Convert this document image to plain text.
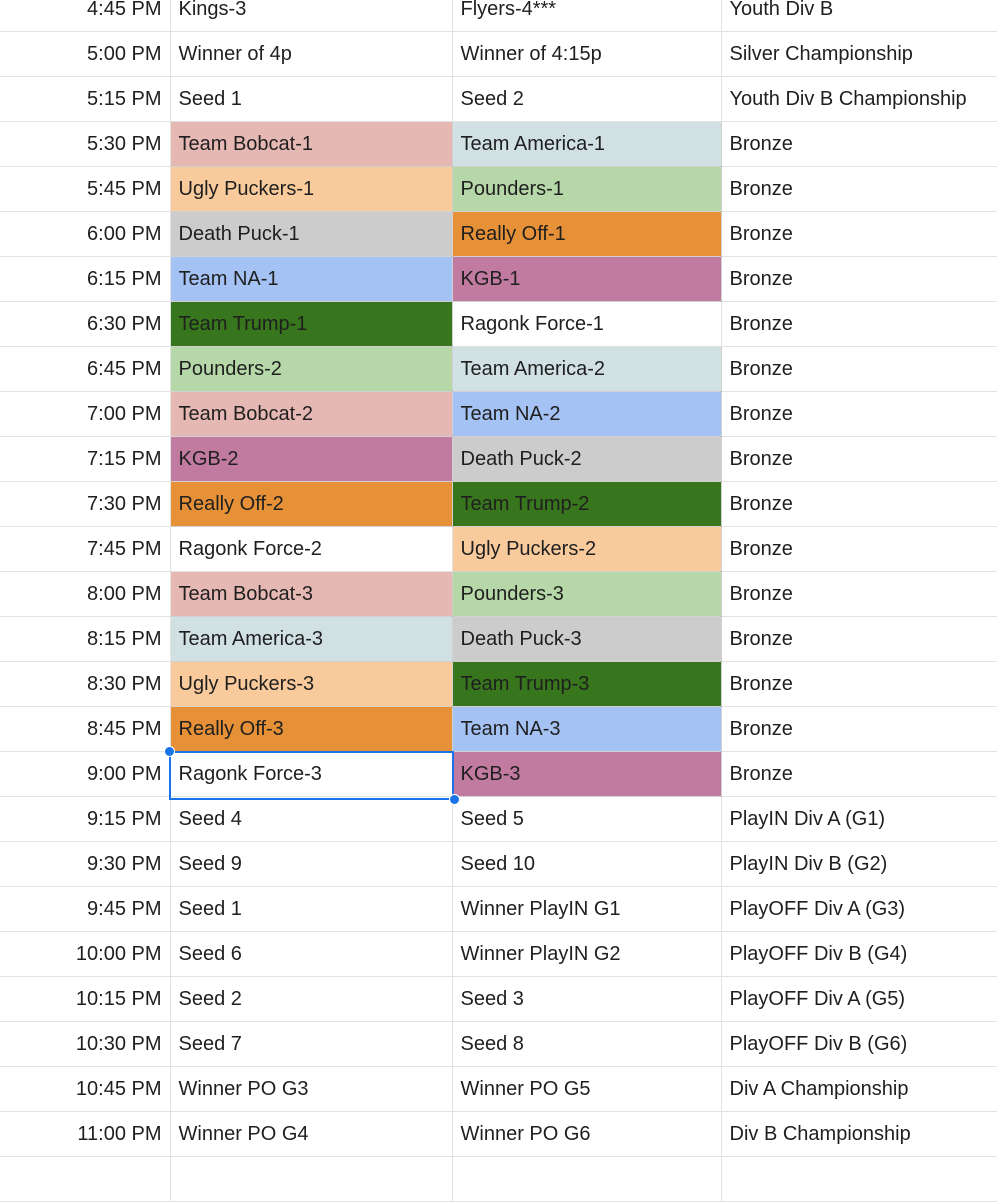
4:45 PM	Kings-3	Flyers-4***	Youth Div B
5:00 PM	Winner of 4p	Winner of 4:15p	Silver Championship
5:15 PM	Seed 1	Seed 2	Youth Div B Championship
5:30 PM	Team Bobcat-1	Team America-1	Bronze
5:45 PM	Ugly Puckers-1	Pounders-1	Bronze
6:00 PM	Death Puck-1	Really Off-1	Bronze
6:15 PM	Team NA-1	KGB-1	Bronze
6:30 PM	Team Trump-1	Ragonk Force-1	Bronze
6:45 PM	Pounders-2	Team America-2	Bronze
7:00 PM	Team Bobcat-2	Team NA-2	Bronze
7:15 PM	KGB-2	Death Puck-2	Bronze
7:30 PM	Really Off-2	Team Trump-2	Bronze
7:45 PM	Ragonk Force-2	Ugly Puckers-2	Bronze
8:00 PM	Team Bobcat-3	Pounders-3	Bronze
8:15 PM	Team America-3	Death Puck-3	Bronze
8:30 PM	Ugly Puckers-3	Team Trump-3	Bronze
8:45 PM	Really Off-3	Team NA-3	Bronze
9:00 PM	Ragonk Force-3	KGB-3	Bronze
9:15 PM	Seed 4	Seed 5	PlayIN Div A (G1)
9:30 PM	Seed 9	Seed 10	PlayIN Div B (G2)
9:45 PM	Seed 1	Winner PlayIN G1	PlayOFF Div A (G3)
10:00 PM	Seed 6	Winner PlayIN G2	PlayOFF Div B (G4)
10:15 PM	Seed 2	Seed 3	PlayOFF Div A (G5)
10:30 PM	Seed 7	Seed 8	PlayOFF Div B (G6)
10:45 PM	Winner PO G3	Winner PO G5	Div A Championship
11:00 PM	Winner PO G4	Winner PO G6	Div B Championship
